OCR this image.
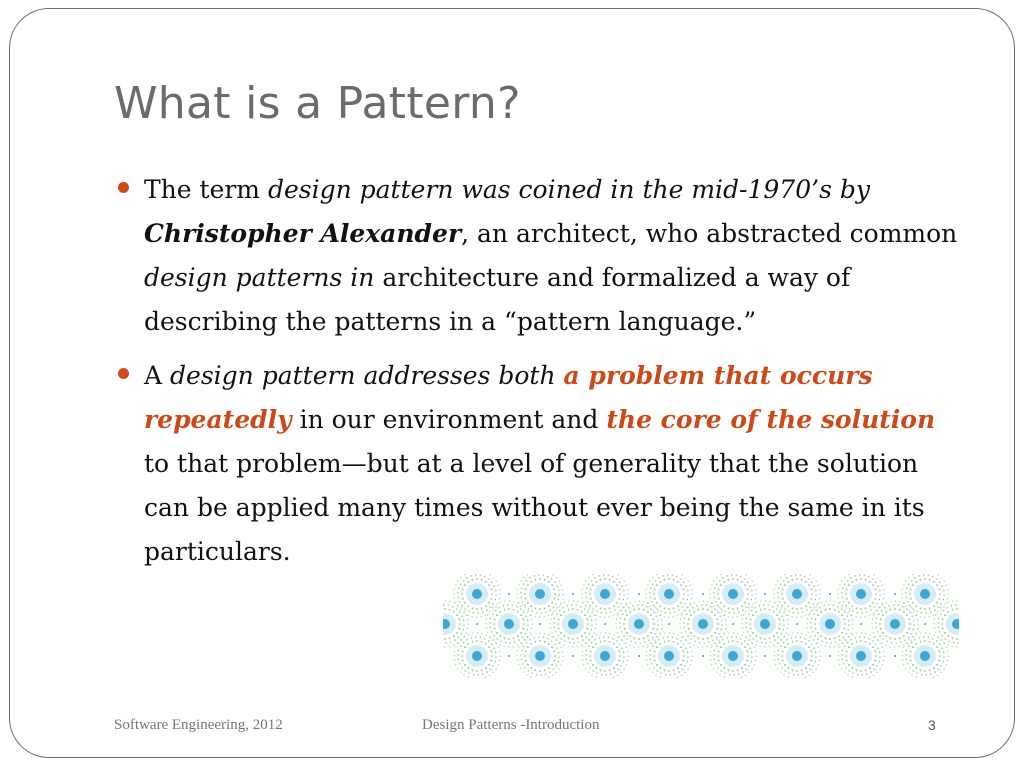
What is a Pattern?
The term design pattern was coined in the mid-1970’s by Christopher Alexander, an architect, who abstracted common design patterns in architecture and formalized a way of describing the patterns in a “pattern language.”
A design pattern addresses both a problem that occurs repeatedly in our environment and the core of the solution to that problem—but at a level of generality that the solution can be applied many times without ever being the same in its particulars.
Software Engineering, 2012	Design Patterns -Introduction	3
